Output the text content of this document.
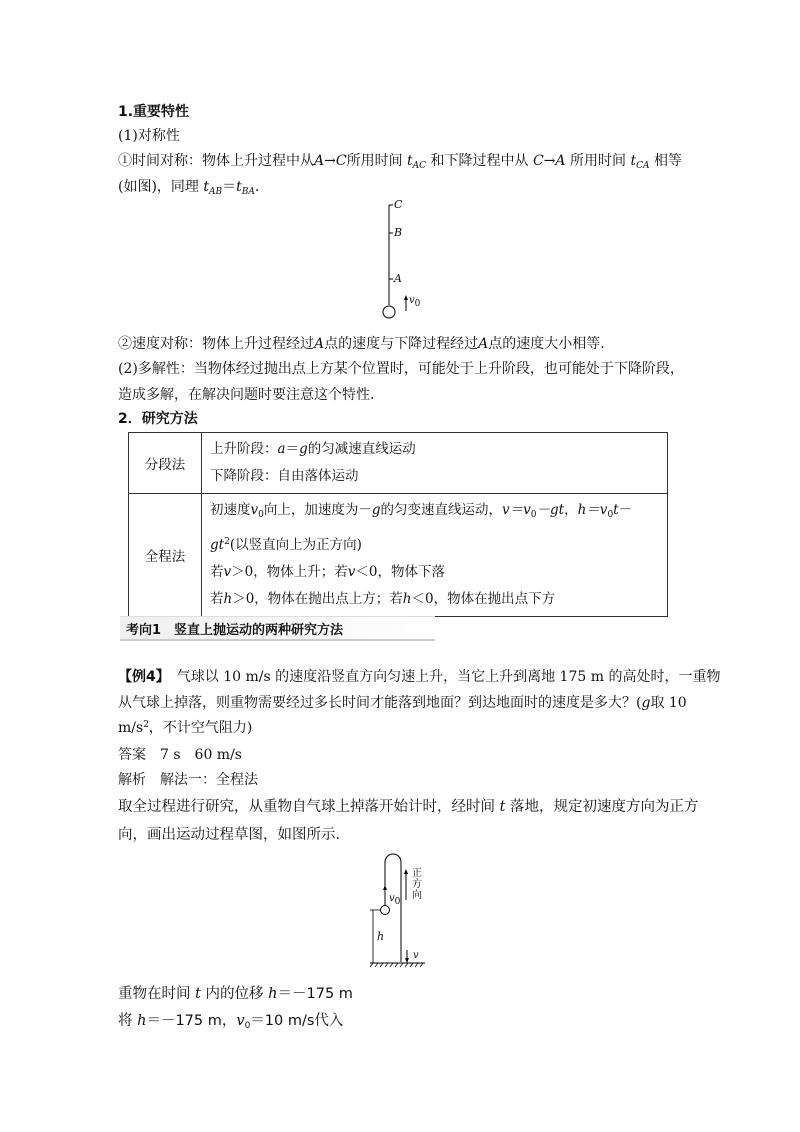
1.重要特性
(1)对称性
①时间对称：物体上升过程中从A→C所用时间 $t_{AC}$ 和下降过程中从 C→A 所用时间 $t_{CA}$ 相等
(如图)，同理 $t_{AB}=t_{BA}$.
C
B
A
$v_0$
②速度对称：物体上升过程经过A点的速度与下降过程经过A点的速度大小相等.
(2)多解性：当物体经过抛出点上方某个位置时，可能处于上升阶段，也可能处于下降阶段，
造成多解，在解决问题时要注意这个特性.
2．研究方法
分段法	上升阶段：a＝g的匀减速直线运动
下降阶段：自由落体运动

全程法	初速度$v_0$向上，加速度为－g的匀变速直线运动，$v=v_0-gt$，$h=v_0t-$
$gt^2$(以竖直向上为正方向)
若v＞0，物体上升；若v＜0，物体下落
若h＞0，物体在抛出点上方；若h＜0，物体在抛出点下方
考向1　竖直上抛运动的两种研究方法
【例4】　 气球以 10 m/s 的速度沿竖直方向匀速上升，当它上升到离地 175 m 的高处时，一重物
从气球上掉落，则重物需要经过多长时间才能落到地面？到达地面时的速度是多大？(g取 10
$m/s^2$，不计空气阻力)
答案　 7 s　60 m/s
解析　 解法一：全程法
取全过程进行研究，从重物自气球上掉落开始计时，经时间 t 落地，规定初速度方向为正方
向，画出运动过程草图，如图所示．
$v_0$
h
v
正方向
重物在时间 t 内的位移 h＝－175 m
将 h＝－175 m，$v_0=10$ m/s代入
